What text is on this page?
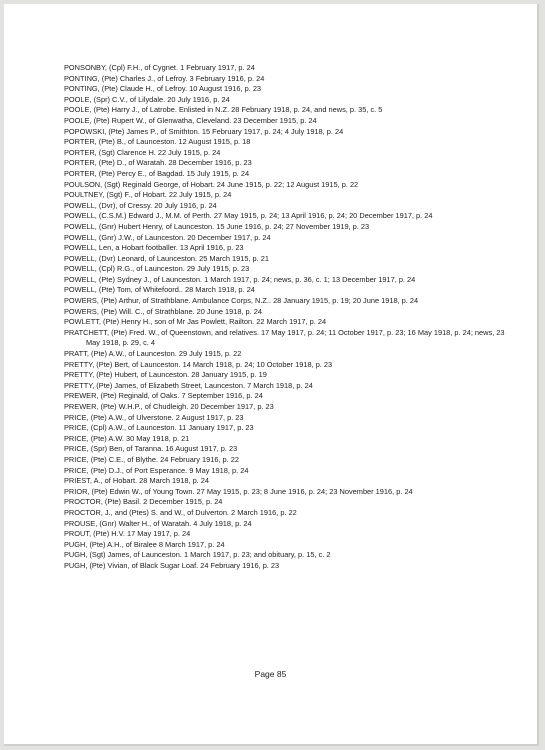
PONSONBY, (Cpl) F.H., of Cygnet. 1 February 1917, p. 24
PONTING, (Pte) Charles J., of Lefroy. 3 February 1916, p. 24
PONTING, (Pte) Claude H., of Lefroy. 10 August 1916, p. 23
POOLE, (Spr) C.V., of Lilydale. 20 July 1916, p. 24
POOLE, (Pte) Harry J., of Latrobe. Enlisted in N.Z. 28 February 1918, p. 24, and news, p. 35, c. 5
POOLE, (Pte) Rupert W., of Glenwatha, Cleveland. 23 December 1915, p. 24
POPOWSKI, (Pte) James P., of Smithton. 15 February 1917, p. 24; 4 July 1918, p. 24
PORTER, (Pte) B., of Launceston. 12 August 1915, p. 18
PORTER, (Sgt) Clarence H. 22 July 1915, p. 24
PORTER, (Pte) D., of Waratah. 28 December 1916, p. 23
PORTER, (Pte) Percy E., of Bagdad. 15 July 1915, p. 24
POULSON, (Sgt) Reginald George, of Hobart. 24 June 1915, p. 22; 12 August 1915, p. 22
POULTNEY, (Sgt) F., of Hobart. 22 July 1915, p. 24
POWELL, (Dvr), of Cressy. 20 July 1916, p. 24
POWELL, (C.S.M.) Edward J., M.M. of Perth. 27 May 1915, p. 24; 13 April 1916, p. 24; 20 December 1917, p. 24
POWELL, (Gnr) Hubert Henry, of Launceston. 15 June 1916, p. 24; 27 November 1919, p. 23
POWELL, (Gnr) J.W., of Launceston. 20 December 1917, p. 24
POWELL, Len, a Hobart footballer. 13 April 1916, p. 23
POWELL, (Dvr) Leonard, of Launceston. 25 March 1915, p. 21
POWELL, (Cpl) R.G., of Launceston. 29 July 1915, p. 23
POWELL, (Pte) Sydney J., of Launceston. 1 March 1917, p. 24; news, p. 36, c. 1; 13 December 1917, p. 24
POWELL, (Pte) Tom, of Whitefoord.. 28 March 1918, p. 24
POWERS, (Pte) Arthur, of Strathblane. Ambulance Corps, N.Z.. 28 January 1915, p. 19; 20 June 1918, p. 24
POWERS, (Pte) Will. C., of Strathblane. 20 June 1918, p. 24
POWLETT, (Pte) Henry H., son of Mr Jas Powlett, Railton. 22 March 1917, p. 24
PRATCHETT, (Pte) Fred. W., of Queenstown, and relatives. 17 May 1917, p. 24; 11 October 1917, p. 23; 16 May 1918, p. 24; news, 23 May 1918, p. 29, c. 4
PRATT, (Pte) A.W., of Launceston. 29 July 1915, p. 22
PRETTY, (Pte) Bert, of Launceston. 14 March 1918, p. 24; 10 October 1918, p. 23
PRETTY, (Pte) Hubert, of Launceston. 28 January 1915, p. 19
PRETTY, (Pte) James, of Elizabeth Street, Launceston. 7 March 1918, p. 24
PREWER, (Pte) Reginald, of Oaks. 7 September 1916, p. 24
PREWER, (Pte) W.H.P., of Chudleigh. 20 December 1917, p. 23
PRICE, (Pte) A.W., of Ulverstone. 2 August 1917, p. 23
PRICE, (Cpl) A.W., of Launceston. 11 January 1917, p. 23
PRICE, (Pte) A.W. 30 May 1918, p. 21
PRICE, (Spr) Ben, of Taranna. 16 August 1917, p. 23
PRICE, (Pte) C.E., of Blythe. 24 February 1916, p. 22
PRICE, (Pte) D.J., of Port Esperance. 9 May 1918, p. 24
PRIEST, A., of Hobart. 28 March 1918, p. 24
PRIOR, (Pte) Edwin W., of Young Town. 27 May 1915, p. 23; 8 June 1916, p. 24; 23 November 1916, p. 24
PROCTOR, (Pte) Basil. 2 December 1915, p. 24
PROCTOR, J., and (Ptes) S. and W., of Dulverton. 2 March 1916, p. 22
PROUSE, (Gnr) Walter H., of Waratah. 4 July 1918, p. 24
PROUT, (Pte) H.V. 17 May 1917, p. 24
PUGH, (Pte) A.H., of Biralee 8 March 1917, p. 24
PUGH, (Sgt) James, of Launceston. 1 March 1917, p. 23; and obituary, p. 15, c. 2
PUGH, (Pte) Vivian, of Black Sugar Loaf. 24 February 1916, p. 23
Page 85
